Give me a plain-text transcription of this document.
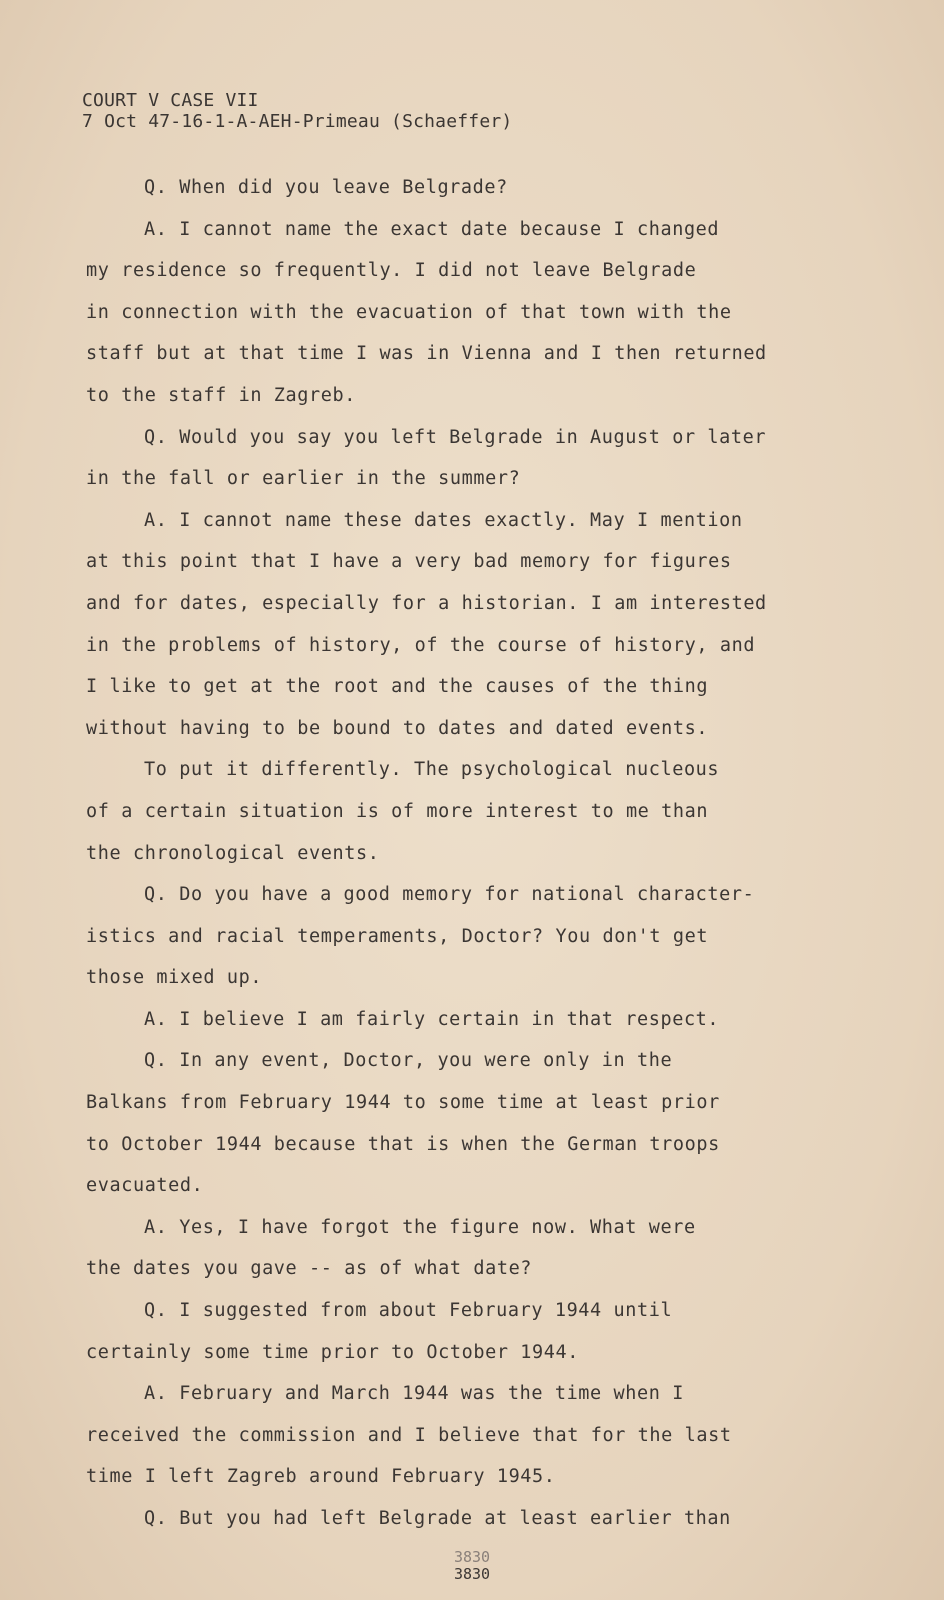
COURT V CASE VII
7 Oct 47-16-1-A-AEH-Primeau (Schaeffer)
Q. When did you leave Belgrade?
A. I cannot name the exact date because I changed
my residence so frequently. I did not leave Belgrade
in connection with the evacuation of that town with the
staff but at that time I was in Vienna and I then returned
to the staff in Zagreb.
Q. Would you say you left Belgrade in August or later
in the fall or earlier in the summer?
A. I cannot name these dates exactly. May I mention
at this point that I have a very bad memory for figures
and for dates, especially for a historian. I am interested
in the problems of history, of the course of history, and
I like to get at the root and the causes of the thing
without having to be bound to dates and dated events.
To put it differently. The psychological nucleous
of a certain situation is of more interest to me than
the chronological events.
Q. Do you have a good memory for national character-
istics and racial temperaments, Doctor? You don't get
those mixed up.
A. I believe I am fairly certain in that respect.
Q. In any event, Doctor, you were only in the
Balkans from February 1944 to some time at least prior
to October 1944 because that is when the German troops
evacuated.
A. Yes, I have forgot the figure now. What were
the dates you gave -- as of what date?
Q. I suggested from about February 1944 until
certainly some time prior to October 1944.
A. February and March 1944 was the time when I
received the commission and I believe that for the last
time I left Zagreb around February 1945.
Q. But you had left Belgrade at least earlier than
3830
3830
